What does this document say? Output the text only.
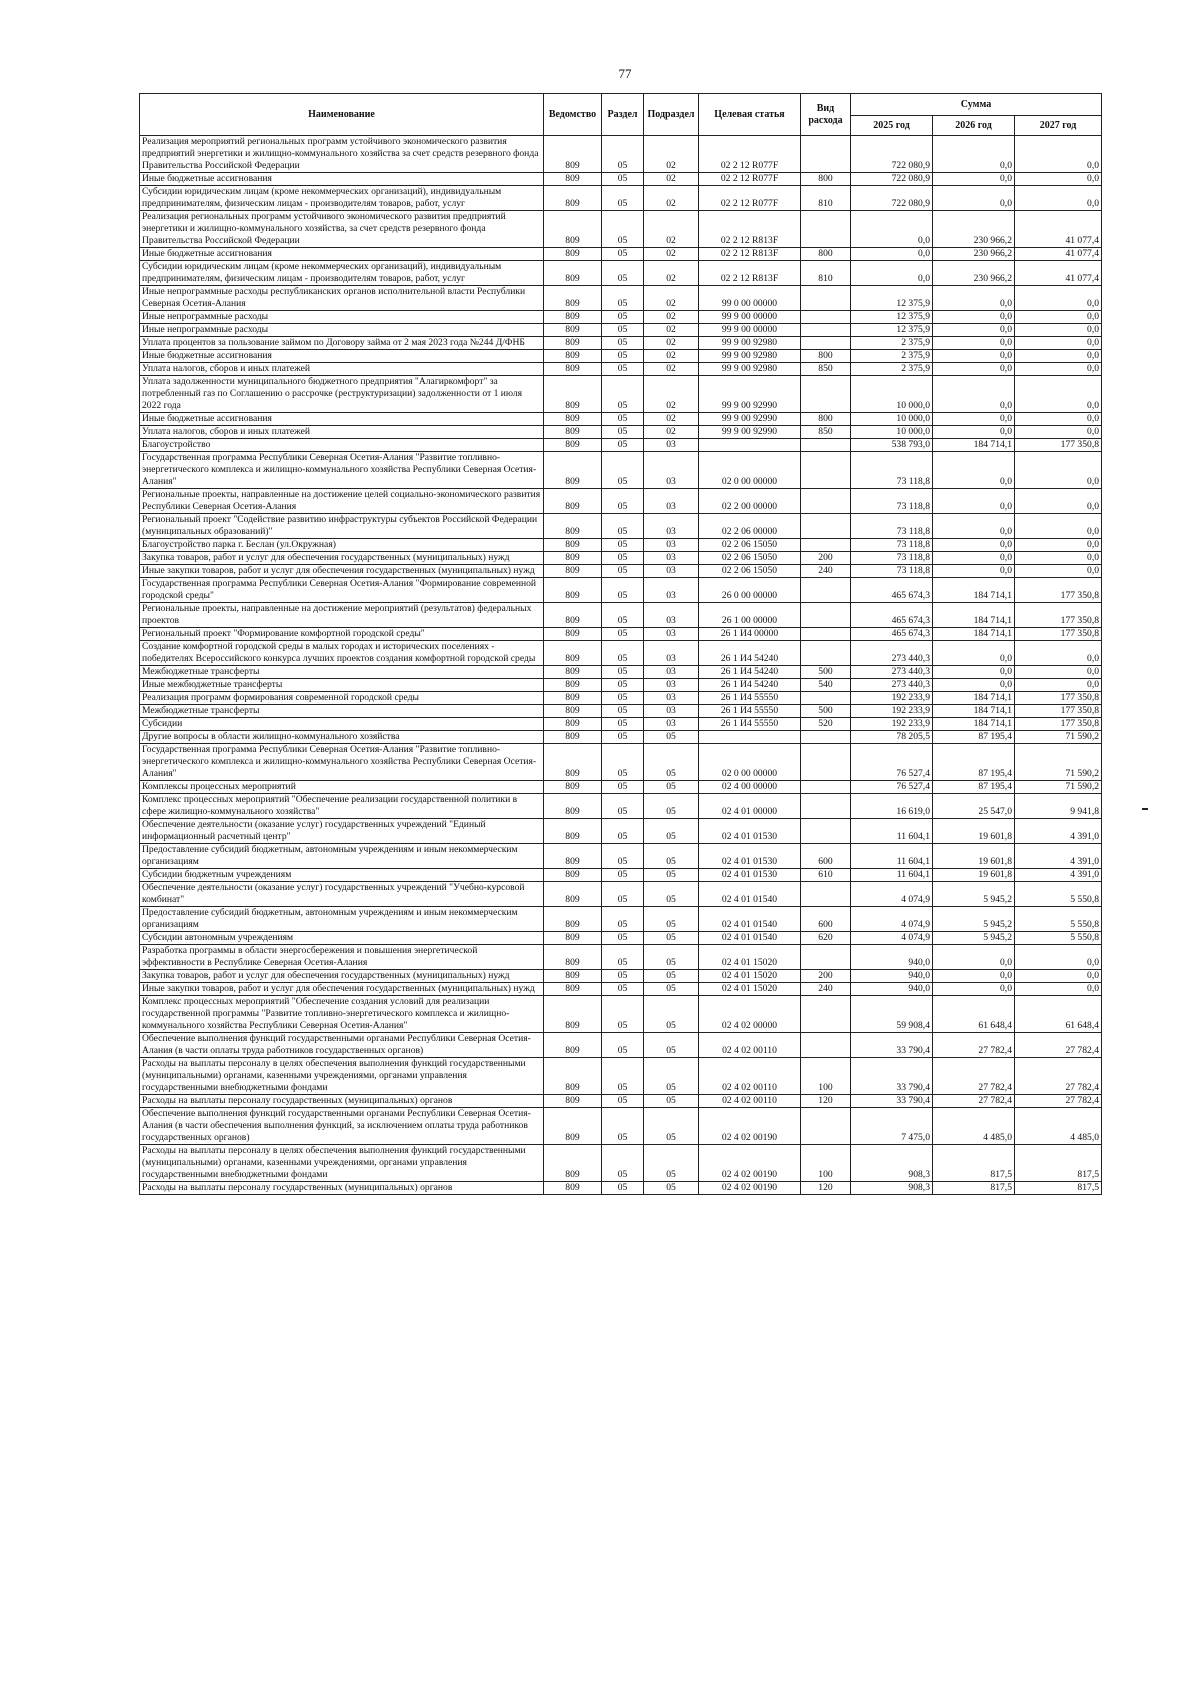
77
Наименование	Ведомство	Раздел	Подраздел	Целевая статья	Вид расхода	Сумма		
						2025 год	2026 год	2027 год
Реализация мероприятий региональных программ устойчивого экономического развития предприятий энергетики и жилищно-коммунального хозяйства за счет средств резервного фонда Правительства Российской Федерации	809	05	02	02 2 12 R077F		722 080,9	0,0	0,0
Иные бюджетные ассигнования	809	05	02	02 2 12 R077F	800	722 080,9	0,0	0,0
Субсидии юридическим лицам (кроме некоммерческих организаций), индивидуальным предпринимателям, физическим лицам - производителям товаров, работ, услуг	809	05	02	02 2 12 R077F	810	722 080,9	0,0	0,0
Реализация региональных программ устойчивого экономического развития предприятий энергетики и жилищно-коммунального хозяйства, за счет средств резервного фонда Правительства Российской Федерации	809	05	02	02 2 12 R813F		0,0	230 966,2	41 077,4
Иные бюджетные ассигнования	809	05	02	02 2 12 R813F	800	0,0	230 966,2	41 077,4
Субсидии юридическим лицам (кроме некоммерческих организаций), индивидуальным предпринимателям, физическим лицам - производителям товаров, работ, услуг	809	05	02	02 2 12 R813F	810	0,0	230 966,2	41 077,4
Иные непрограммные расходы республиканских органов исполнительной власти Республики Северная Осетия-Алания	809	05	02	99 0 00 00000		12 375,9	0,0	0,0
Иные непрограммные расходы	809	05	02	99 9 00 00000		12 375,9	0,0	0,0
Иные непрограммные расходы	809	05	02	99 9 00 00000		12 375,9	0,0	0,0
Уплата процентов за пользование займом по Договору займа от 2 мая 2023 года №244 Д/ФНБ	809	05	02	99 9 00 92980		2 375,9	0,0	0,0
Иные бюджетные ассигнования	809	05	02	99 9 00 92980	800	2 375,9	0,0	0,0
Уплата налогов, сборов и иных платежей	809	05	02	99 9 00 92980	850	2 375,9	0,0	0,0
Уплата задолженности муниципального бюджетного предприятия "Алагиркомфорт" за потребленный газ по Соглашению о рассрочке (реструктуризации) задолженности от 1 июля 2022 года	809	05	02	99 9 00 92990		10 000,0	0,0	0,0
Иные бюджетные ассигнования	809	05	02	99 9 00 92990	800	10 000,0	0,0	0,0
Уплата налогов, сборов и иных платежей	809	05	02	99 9 00 92990	850	10 000,0	0,0	0,0
Благоустройство	809	05	03			538 793,0	184 714,1	177 350,8
Государственная программа Республики Северная Осетия-Алания "Развитие топливно-энергетического комплекса и жилищно-коммунального хозяйства Республики Северная Осетия-Алания"	809	05	03	02 0 00 00000		73 118,8	0,0	0,0
Региональные проекты, направленные на достижение целей социально-экономического развития Республики Северная Осетия-Алания	809	05	03	02 2 00 00000		73 118,8	0,0	0,0
Региональный проект "Содействие развитию инфраструктуры субъектов Российской Федерации (муниципальных образований)"	809	05	03	02 2 06 00000		73 118,8	0,0	0,0
Благоустройство парка г. Беслан (ул.Окружная)	809	05	03	02 2 06 15050		73 118,8	0,0	0,0
Закупка товаров, работ и услуг для обеспечения государственных (муниципальных) нужд	809	05	03	02 2 06 15050	200	73 118,8	0,0	0,0
Иные закупки товаров, работ и услуг для обеспечения государственных (муниципальных) нужд	809	05	03	02 2 06 15050	240	73 118,8	0,0	0,0
Государственная программа Республики Северная Осетия-Алания "Формирование современной городской среды"	809	05	03	26 0 00 00000		465 674,3	184 714,1	177 350,8
Региональные проекты, направленные на достижение мероприятий (результатов) федеральных проектов	809	05	03	26 1 00 00000		465 674,3	184 714,1	177 350,8
Региональный проект "Формирование комфортной городской среды"	809	05	03	26 1 И4 00000		465 674,3	184 714,1	177 350,8
Создание комфортной городской среды в малых городах и исторических поселениях - победителях Всероссийского конкурса лучших проектов создания комфортной городской среды	809	05	03	26 1 И4 54240		273 440,3	0,0	0,0
Межбюджетные трансферты	809	05	03	26 1 И4 54240	500	273 440,3	0,0	0,0
Иные межбюджетные трансферты	809	05	03	26 1 И4 54240	540	273 440,3	0,0	0,0
Реализация программ формирования современной городской среды	809	05	03	26 1 И4 55550		192 233,9	184 714,1	177 350,8
Межбюджетные трансферты	809	05	03	26 1 И4 55550	500	192 233,9	184 714,1	177 350,8
Субсидии	809	05	03	26 1 И4 55550	520	192 233,9	184 714,1	177 350,8
Другие вопросы в области жилищно-коммунального хозяйства	809	05	05			78 205,5	87 195,4	71 590,2
Государственная программа Республики Северная Осетия-Алания "Развитие топливно-энергетического комплекса и жилищно-коммунального хозяйства Республики Северная Осетия-Алания"	809	05	05	02 0 00 00000		76 527,4	87 195,4	71 590,2
Комплексы процессных мероприятий	809	05	05	02 4 00 00000		76 527,4	87 195,4	71 590,2
Комплекс процессных мероприятий "Обеспечение реализации государственной политики в сфере жилищно-коммунального хозяйства"	809	05	05	02 4 01 00000		16 619,0	25 547,0	9 941,8
Обеспечение деятельности (оказание услуг) государственных учреждений "Единый информационный расчетный центр"	809	05	05	02 4 01 01530		11 604,1	19 601,8	4 391,0
Предоставление субсидий бюджетным, автономным учреждениям и иным некоммерческим организациям	809	05	05	02 4 01 01530	600	11 604,1	19 601,8	4 391,0
Субсидии бюджетным учреждениям	809	05	05	02 4 01 01530	610	11 604,1	19 601,8	4 391,0
Обеспечение деятельности (оказание услуг) государственных учреждений "Учебно-курсовой комбинат"	809	05	05	02 4 01 01540		4 074,9	5 945,2	5 550,8
Предоставление субсидий бюджетным, автономным учреждениям и иным некоммерческим организациям	809	05	05	02 4 01 01540	600	4 074,9	5 945,2	5 550,8
Субсидии автономным учреждениям	809	05	05	02 4 01 01540	620	4 074,9	5 945,2	5 550,8
Разработка программы в области энергосбережения и повышения энергетической эффективности в Республике Северная Осетия-Алания	809	05	05	02 4 01 15020		940,0	0,0	0,0
Закупка товаров, работ и услуг для обеспечения государственных (муниципальных) нужд	809	05	05	02 4 01 15020	200	940,0	0,0	0,0
Иные закупки товаров, работ и услуг для обеспечения государственных (муниципальных) нужд	809	05	05	02 4 01 15020	240	940,0	0,0	0,0
Комплекс процессных мероприятий "Обеспечение создания условий для реализации государственной программы "Развитие топливно-энергетического комплекса и жилищно-коммунального хозяйства Республики Северная Осетия-Алания"	809	05	05	02 4 02 00000		59 908,4	61 648,4	61 648,4
Обеспечение выполнения функций государственными органами Республики Северная Осетия-Алания (в части оплаты труда работников государственных органов)	809	05	05	02 4 02 00110		33 790,4	27 782,4	27 782,4
Расходы на выплаты персоналу в целях обеспечения выполнения функций государственными (муниципальными) органами, казенными учреждениями, органами управления государственными внебюджетными фондами	809	05	05	02 4 02 00110	100	33 790,4	27 782,4	27 782,4
Расходы на выплаты персоналу государственных (муниципальных) органов	809	05	05	02 4 02 00110	120	33 790,4	27 782,4	27 782,4
Обеспечение выполнения функций государственными органами Республики Северная Осетия-Алания (в части обеспечения выполнения функций, за исключением оплаты труда работников государственных органов)	809	05	05	02 4 02 00190		7 475,0	4 485,0	4 485,0
Расходы на выплаты персоналу в целях обеспечения выполнения функций государственными (муниципальными) органами, казенными учреждениями, органами управления государственными внебюджетными фондами	809	05	05	02 4 02 00190	100	908,3	817,5	817,5
Расходы на выплаты персоналу государственных (муниципальных) органов	809	05	05	02 4 02 00190	120	908,3	817,5	817,5
